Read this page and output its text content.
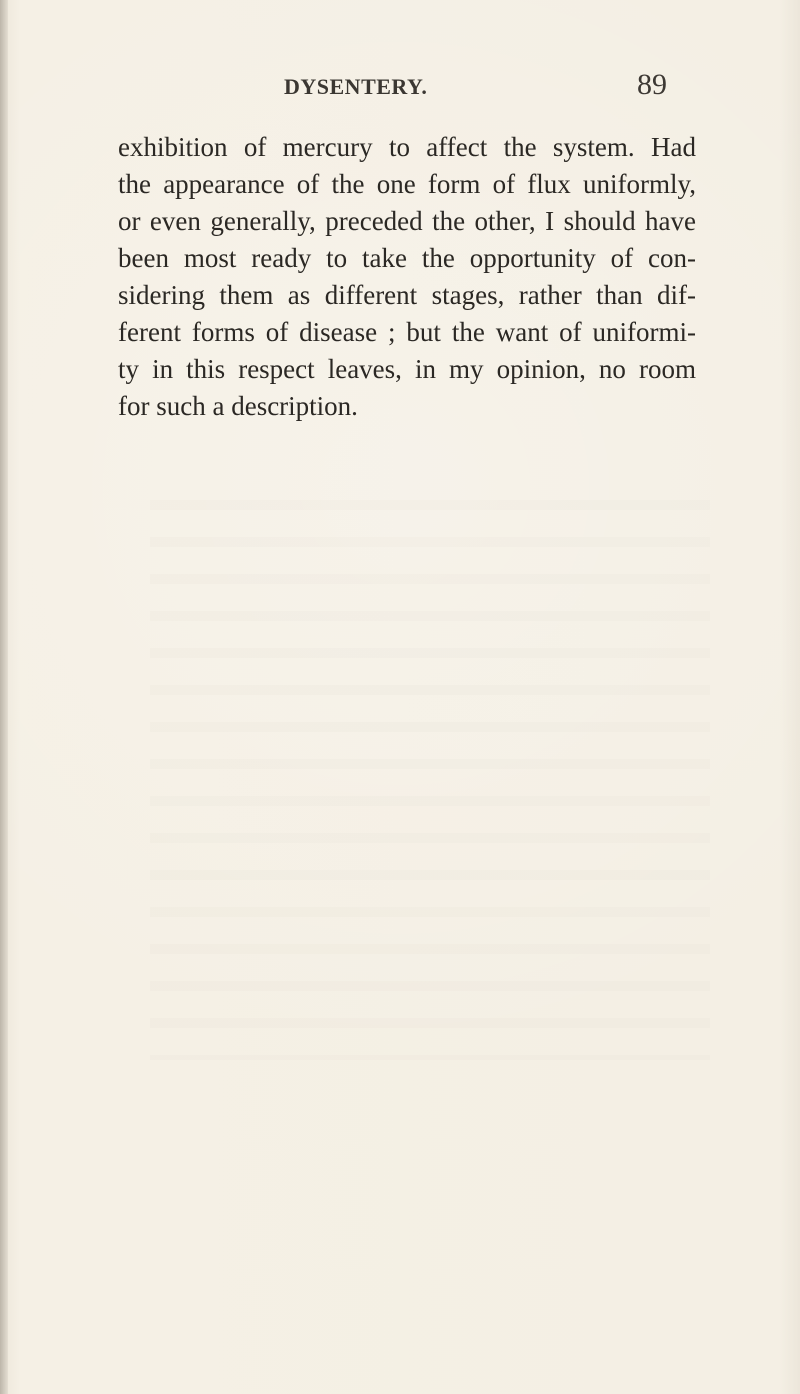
DYSENTERY.	89
exhibition of mercury to affect the system. Had
the appearance of the one form of flux uniformly,
or even generally, preceded the other, I should have
been most ready to take the opportunity of con-
sidering them as different stages, rather than dif-
ferent forms of disease ; but the want of uniformi-
ty in this respect leaves, in my opinion, no room
for such a description.
